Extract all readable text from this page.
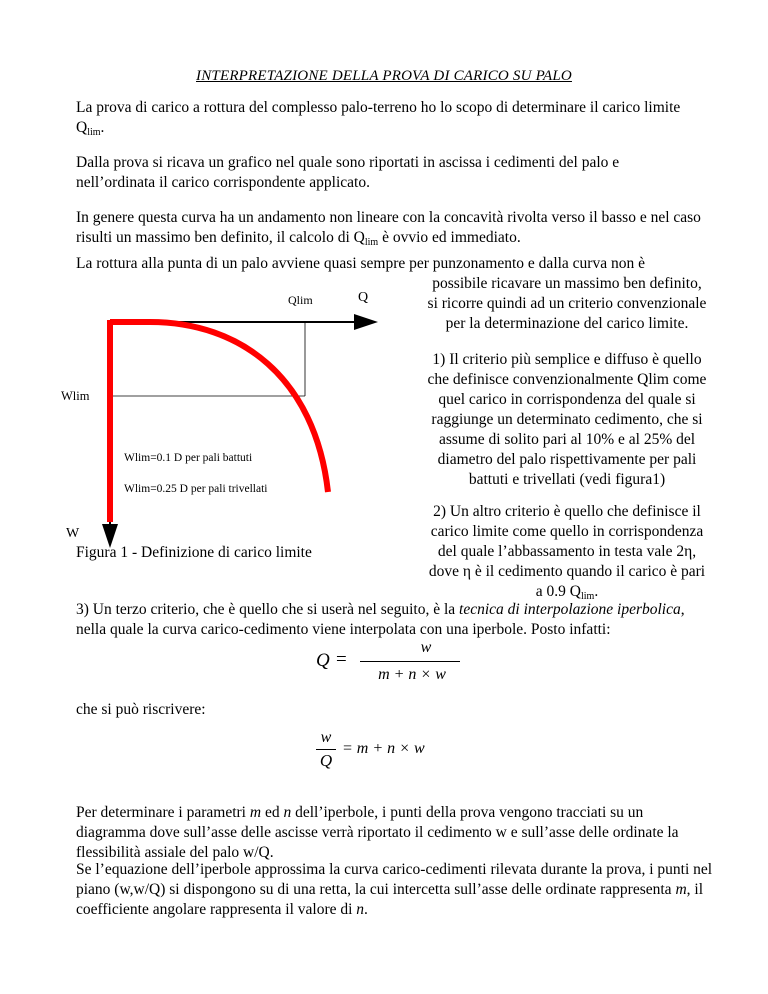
INTERPRETAZIONE DELLA PROVA DI CARICO SU PALO

La prova di carico a rottura del complesso palo-terreno ho lo scopo di determinare il carico limite $Q_{lim}$.

Dalla prova si ricava un grafico nel quale sono riportati in ascissa i cedimenti del palo e nell’ordinata il carico corrispondente applicato.

In genere questa curva ha un andamento non lineare con la concavità rivolta verso il basso e nel caso risulti un massimo ben definito, il calcolo di $Q_{lim}$ è ovvio ed immediato.

La rottura alla punta di un palo avviene quasi sempre per punzonamento e dalla curva non è

possibile ricavare un massimo ben definito, si ricorre quindi ad un criterio convenzionale per la determinazione del carico limite.

1) Il criterio più semplice e diffuso è quello che definisce convenzionalmente Qlim come quel carico in corrispondenza del quale si raggiunge un determinato cedimento, che si assume di solito pari al 10% e al 25% del diametro del palo rispettivamente per pali battuti e trivellati (vedi figura1)

2) Un altro criterio è quello che definisce il carico limite come quello in corrispondenza del quale l’abbassamento in testa vale 2η, dove η è il cedimento quando il carico è pari a 0.9 $Q_{lim}$.

Qlim	Q
Wlim
W
Wlim=0.1 D per pali battuti
Wlim=0.25 D per pali trivellati

Figura 1 - Definizione di carico limite

3) Un terzo criterio, che è quello che si userà nel seguito, è la tecnica di interpolazione iperbolica, nella quale la curva carico-cedimento viene interpolata con una iperbole. Posto infatti:

Q =
w
m + n × w

che si può riscrivere:

w
Q
= m + n × w

Per determinare i parametri m ed n dell’iperbole, i punti della prova vengono tracciati su un diagramma dove sull’asse delle ascisse verrà riportato il cedimento w e sull’asse delle ordinate la flessibilità assiale del palo w/Q.

Se l’equazione dell’iperbole approssima la curva carico-cedimenti rilevata durante la prova, i punti nel piano (w,w/Q) si dispongono su di una retta, la cui intercetta sull’asse delle ordinate rappresenta m, il coefficiente angolare rappresenta il valore di n.
